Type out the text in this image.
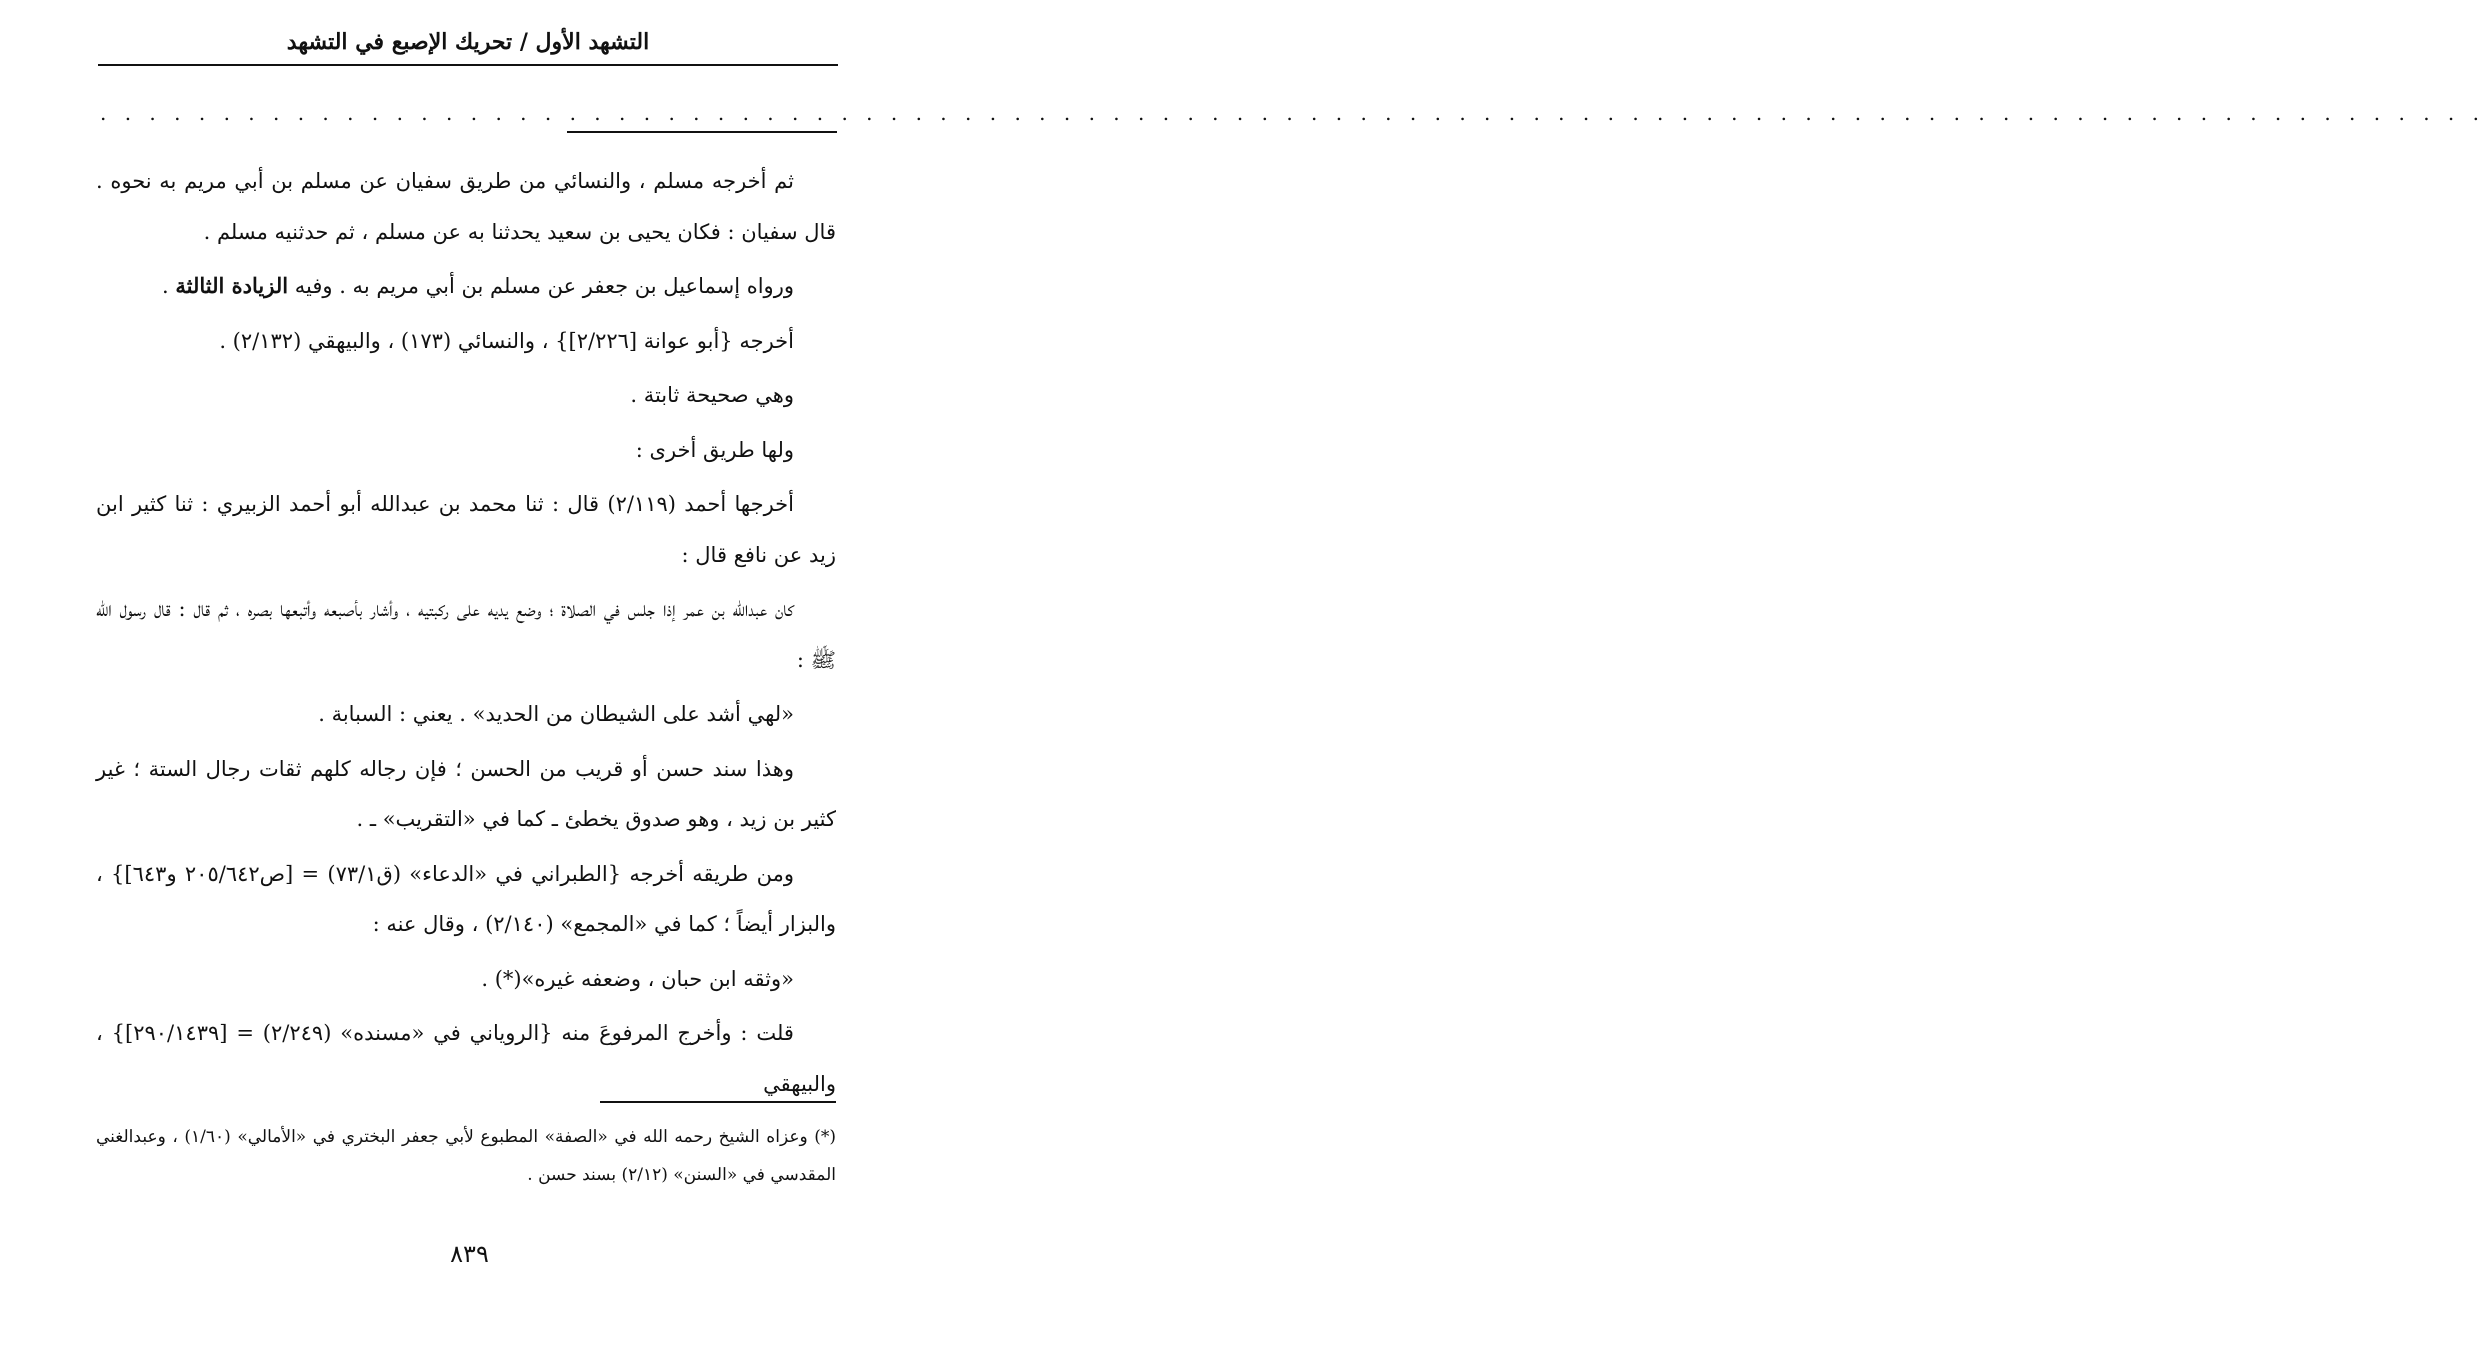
التشهد الأول / تحريك الإصبع في التشهد
. . . . . . . . . . . . . . . . . . . . . . . . . . . . . . . . . . . . . . . . . . . . . . . . . . . . . . . . . . . . . . . . . . . . . . . . . . . . . . . . . . . . . . . . . . . . . . . . .

ثم أخرجه مسلم ، والنسائي من طريق سفيان عن مسلم بن أبي مريم به نحوه . قال سفيان : فكان يحيى بن سعيد يحدثنا به عن مسلم ، ثم حدثنيه مسلم .

ورواه إسماعيل بن جعفر عن مسلم بن أبي مريم به . وفيه الزيادة الثالثة .

أخرجه {أبو عوانة [٢/٢٢٦]} ، والنسائي (١٧٣) ، والبيهقي (٢/١٣٢) .

وهي صحيحة ثابتة .

ولها طريق أخرى :

أخرجها أحمد (٢/١١٩) قال : ثنا محمد بن عبدالله أبو أحمد الزبيري : ثنا كثير ابن زيد عن نافع قال :

كان عبدالله بن عمر إذا جلس في الصلاة ؛ وضع يديه على ركبتيه ، وأشار بأصبعه وأتبعها بصره ، ثم قال : قال رسول الله ﷺ :

«لهي أشد على الشيطان من الحديد» . يعني : السبابة .

وهذا سند حسن أو قريب من الحسن ؛ فإن رجاله كلهم ثقات رجال الستة ؛ غير كثير بن زيد ، وهو صدوق يخطئ ـ كما في «التقريب» ـ .

ومن طريقه أخرجه {الطبراني في «الدعاء» (ق٧٣/١) = [ص٢٠٥/٦٤٢ و٦٤٣]} ، والبزار أيضاً ؛ كما في «المجمع» (٢/١٤٠) ، وقال عنه :

«وثقه ابن حبان ، وضعفه غيره»(*) .

قلت : وأخرج المرفوعَ منه {الروياني في «مسنده» (٢/٢٤٩) = [٢٩٠/١٤٣٩]} ، والبيهقي

(*) وعزاه الشيخ رحمه الله في «الصفة» المطبوع لأبي جعفر البختري في «الأمالي» (١/٦٠) ، وعبدالغني المقدسي في «السنن» (٢/١٢) بسند حسن .

٨٣٩
